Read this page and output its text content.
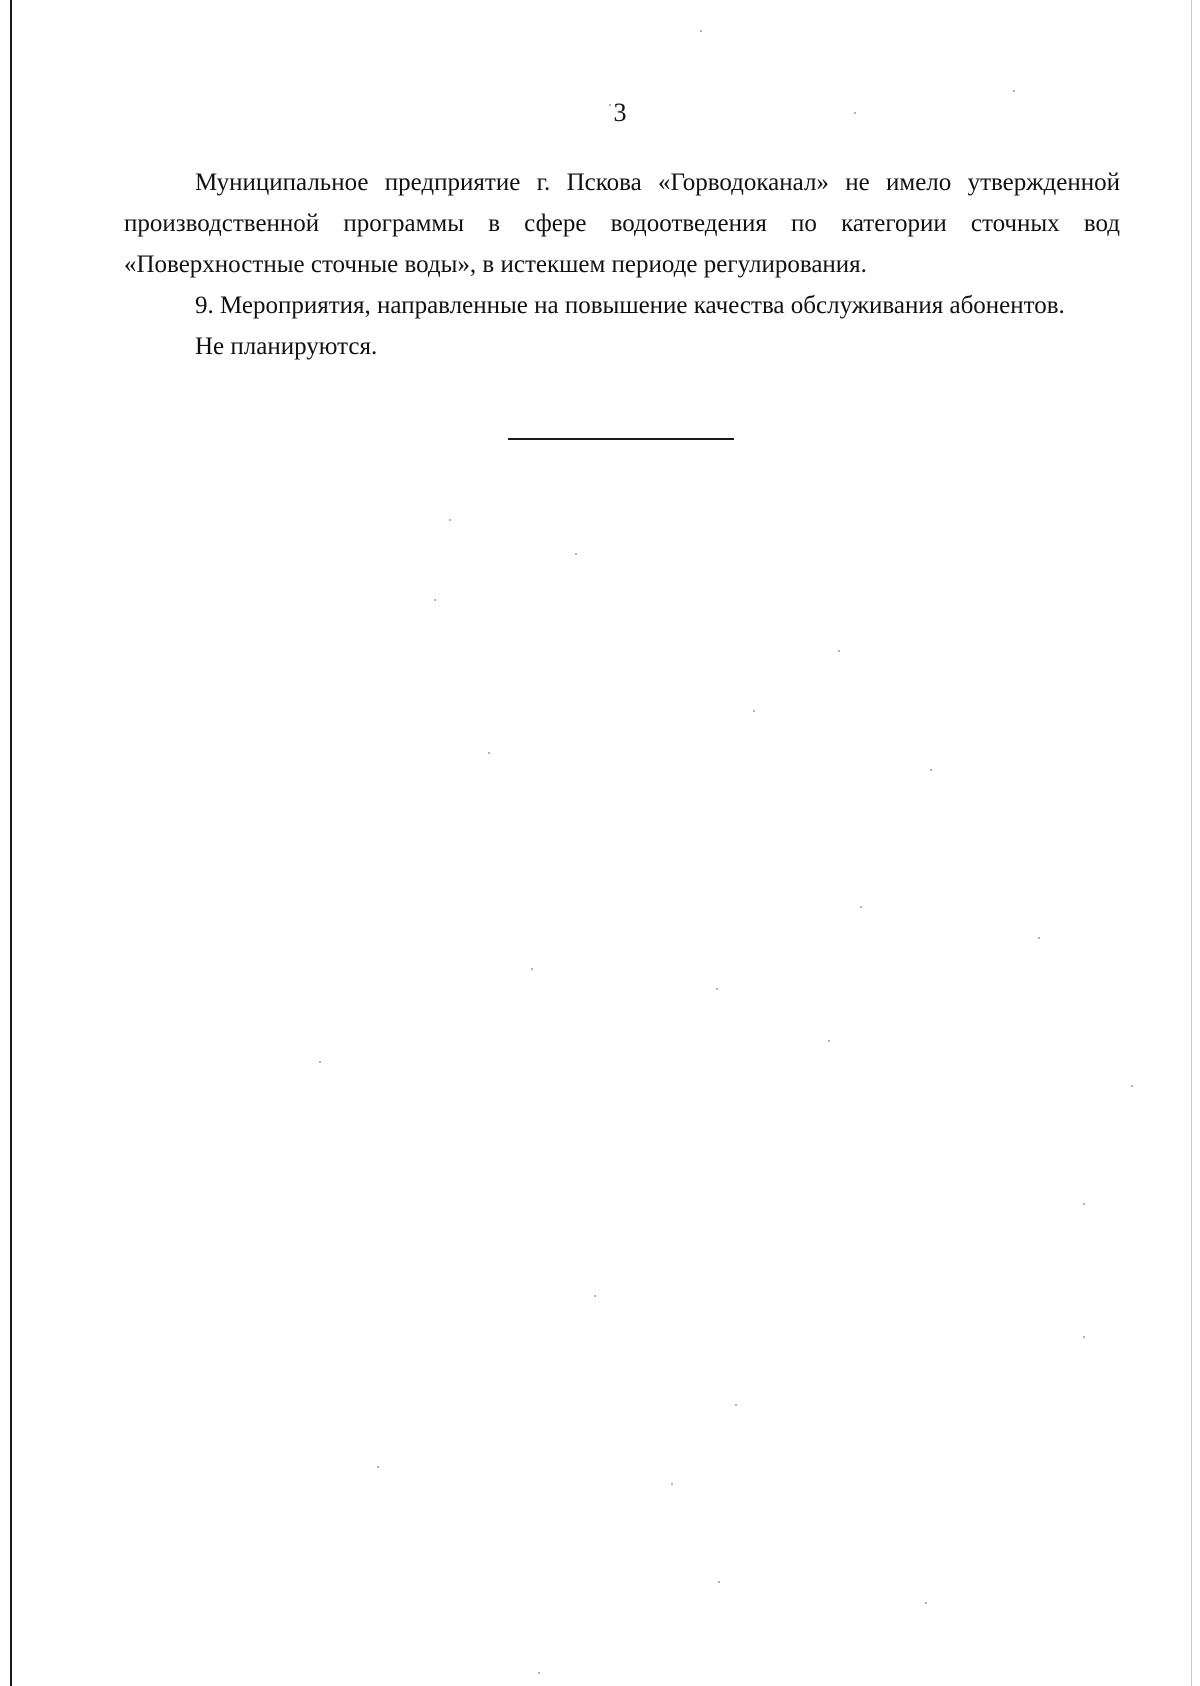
3

Муниципальное предприятие г. Пскова «Горводоканал» не имело утвержденной производственной программы в сфере водоотведения по категории сточных вод «Поверхностные сточные воды», в истекшем периоде регулирования.

9. Мероприятия, направленные на повышение качества обслуживания абонентов.

Не планируются.
